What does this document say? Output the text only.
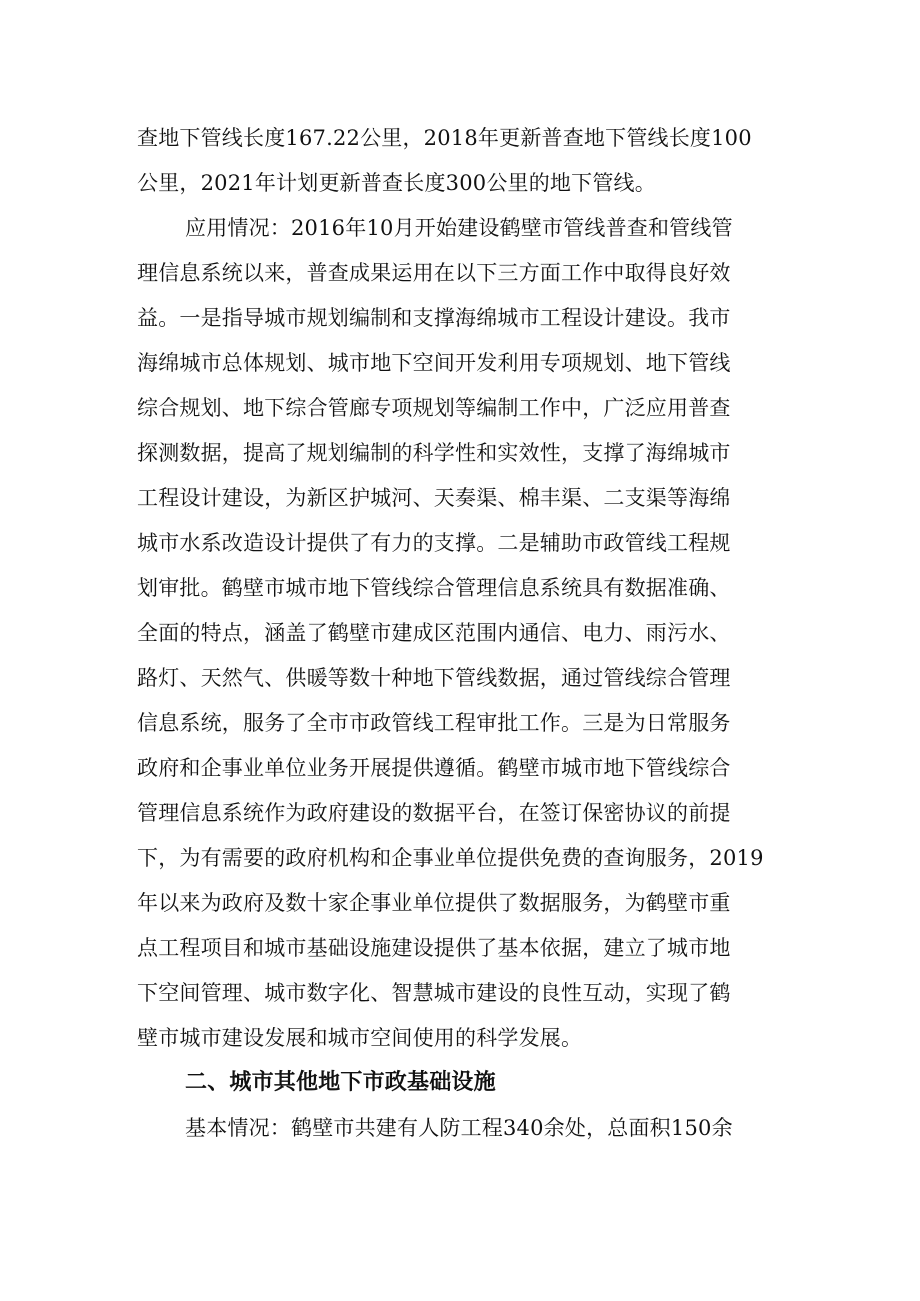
查地下管线长度167.22公里，2018年更新普查地下管线长度100
公里，2021年计划更新普查长度300公里的地下管线。
应用情况：2016年10月开始建设鹤壁市管线普查和管线管
理信息系统以来，普查成果运用在以下三方面工作中取得良好效
益。一是指导城市规划编制和支撑海绵城市工程设计建设。我市
海绵城市总体规划、城市地下空间开发利用专项规划、地下管线
综合规划、地下综合管廊专项规划等编制工作中，广泛应用普查
探测数据，提高了规划编制的科学性和实效性，支撑了海绵城市
工程设计建设，为新区护城河、天奏渠、棉丰渠、二支渠等海绵
城市水系改造设计提供了有力的支撑。二是辅助市政管线工程规
划审批。鹤壁市城市地下管线综合管理信息系统具有数据准确、
全面的特点，涵盖了鹤壁市建成区范围内通信、电力、雨污水、
路灯、天然气、供暖等数十种地下管线数据，通过管线综合管理
信息系统，服务了全市市政管线工程审批工作。三是为日常服务
政府和企事业单位业务开展提供遵循。鹤壁市城市地下管线综合
管理信息系统作为政府建设的数据平台，在签订保密协议的前提
下，为有需要的政府机构和企事业单位提供免费的查询服务，2019
年以来为政府及数十家企事业单位提供了数据服务，为鹤壁市重
点工程项目和城市基础设施建设提供了基本依据，建立了城市地
下空间管理、城市数字化、智慧城市建设的良性互动，实现了鹤
壁市城市建设发展和城市空间使用的科学发展。
二、城市其他地下市政基础设施
基本情况：鹤壁市共建有人防工程340余处，总面积150余
